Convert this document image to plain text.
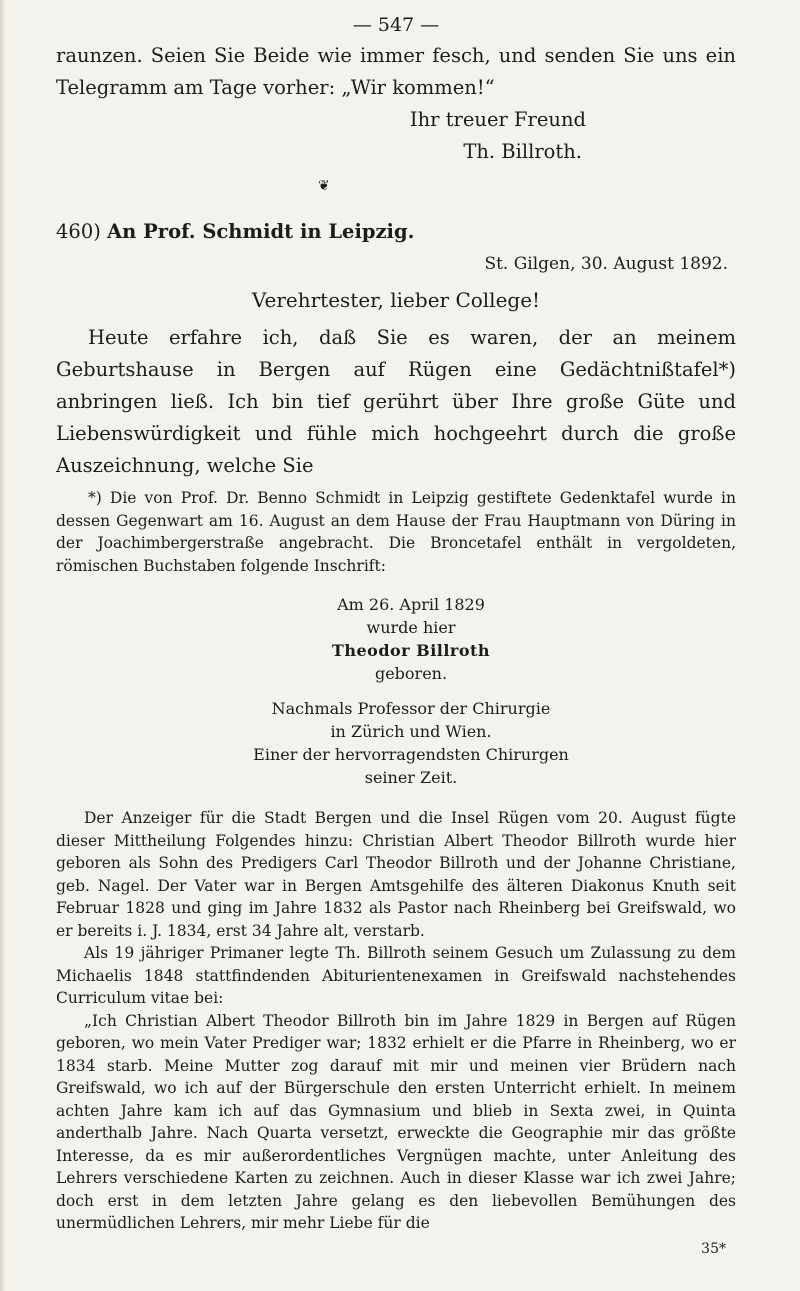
— 547 —

raunzen. Seien Sie Beide wie immer fesch, und senden Sie uns ein Telegramm am Tage vorher: „Wir kommen!“

Ihr treuer Freund

Th. Billroth.

❦

460) An Prof. Schmidt in Leipzig.

St. Gilgen, 30. August 1892.

Verehrtester, lieber College!

Heute erfahre ich, daß Sie es waren, der an meinem Geburtshause in Bergen auf Rügen eine Gedächtnißtafel*) anbringen ließ. Ich bin tief gerührt über Ihre große Güte und Liebenswürdigkeit und fühle mich hochgeehrt durch die große Auszeichnung, welche Sie

*) Die von Prof. Dr. Benno Schmidt in Leipzig gestiftete Gedenktafel wurde in dessen Gegenwart am 16. August an dem Hause der Frau Hauptmann von Düring in der Joachimbergerstraße angebracht. Die Broncetafel enthält in vergoldeten, römischen Buchstaben folgende Inschrift:

Am 26. April 1829

wurde hier

Theodor Billroth

geboren.

Nachmals Professor der Chirurgie

in Zürich und Wien.

Einer der hervorragendsten Chirurgen

seiner Zeit.

Der Anzeiger für die Stadt Bergen und die Insel Rügen vom 20. August fügte dieser Mittheilung Folgendes hinzu: Christian Albert Theodor Billroth wurde hier geboren als Sohn des Predigers Carl Theodor Billroth und der Johanne Christiane, geb. Nagel. Der Vater war in Bergen Amtsgehilfe des älteren Diakonus Knuth seit Februar 1828 und ging im Jahre 1832 als Pastor nach Rheinberg bei Greifswald, wo er bereits i. J. 1834, erst 34 Jahre alt, verstarb.

Als 19 jähriger Primaner legte Th. Billroth seinem Gesuch um Zulassung zu dem Michaelis 1848 stattfindenden Abiturientenexamen in Greifswald nachstehendes Curriculum vitae bei:

„Ich Christian Albert Theodor Billroth bin im Jahre 1829 in Bergen auf Rügen geboren, wo mein Vater Prediger war; 1832 erhielt er die Pfarre in Rheinberg, wo er 1834 starb. Meine Mutter zog darauf mit mir und meinen vier Brüdern nach Greifswald, wo ich auf der Bürgerschule den ersten Unterricht erhielt. In meinem achten Jahre kam ich auf das Gymnasium und blieb in Sexta zwei, in Quinta anderthalb Jahre. Nach Quarta versetzt, erweckte die Geographie mir das größte Interesse, da es mir außerordentliches Vergnügen machte, unter Anleitung des Lehrers verschiedene Karten zu zeichnen. Auch in dieser Klasse war ich zwei Jahre; doch erst in dem letzten Jahre gelang es den liebevollen Bemühungen des unermüdlichen Lehrers, mir mehr Liebe für die

35*
